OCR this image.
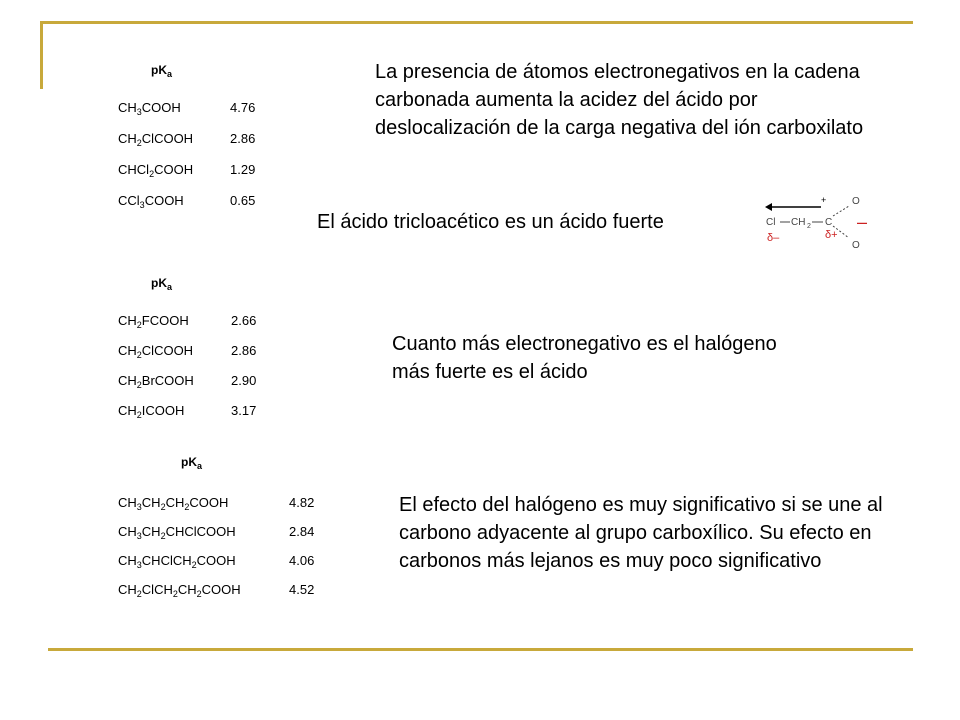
$pK_a$
$CH_3COOH$	4.76
$CH_2ClCOOH$	2.86
CHCl$_2$COOH	1.29
CCl$_3$COOH	0.65

La presencia de átomos electronegativos en la cadena carbonada aumenta la acidez del ácido por deslocalización de la carga negativa del ión carboxilato

El ácido tricloacético es un ácido fuerte

+
Cl CH 2 C
O
O
–
δ–	δ+
$pK_a$
$CH_2FCOOH$	2.66
$CH_2ClCOOH$	2.86
$CH_2BrCOOH$	2.90
$CH_2ICOOH$	3.17

Cuanto más electronegativo es el halógeno más fuerte es el ácido

$pK_a$
$CH_3CH_2CH_2COOH$	4.82
$CH_3CH_2CHClCOOH$	2.84
$CH_3CHClCH_2COOH$	4.06
$CH_2ClCH_2CH_2COOH$	4.52

El efecto del halógeno es muy significativo si se une al carbono adyacente al grupo carboxílico. Su efecto en carbonos más lejanos es muy poco significativo
